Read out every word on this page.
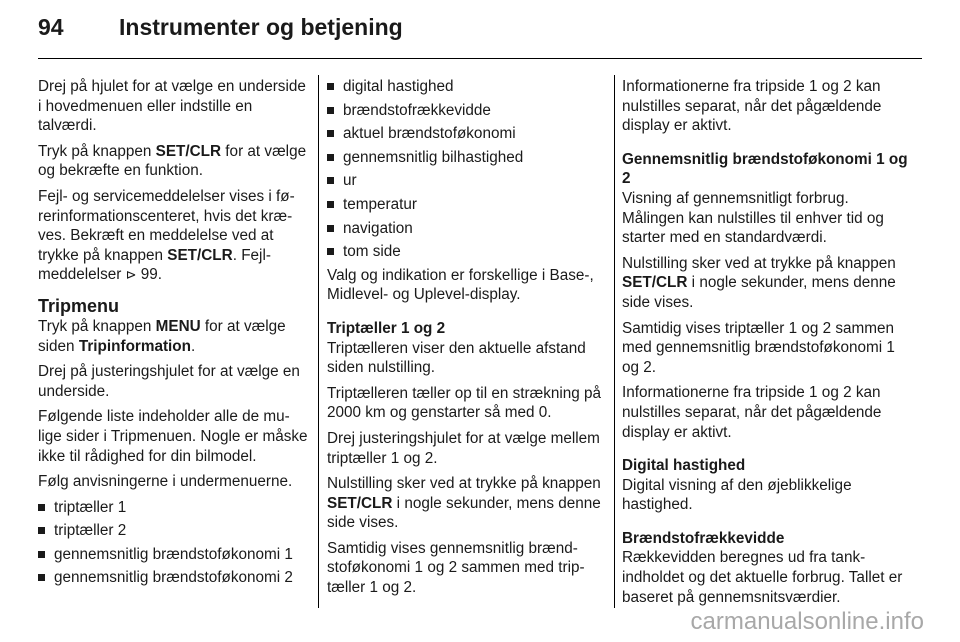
94 Instrumenter og betjening

Drej på hjulet for at vælge en underside i hovedmenuen eller indstille en talværdi.

Tryk på knappen SET/CLR for at vælge og bekræfte en funktion.

Fejl- og servicemeddelelser vises i førerinformationscenteret, hvis det kræves. Bekræft en meddelelse ved at trykke på knappen SET/CLR. Fejlmeddelelser ⊳ 99.

Tripmenu

Tryk på knappen MENU for at vælge siden Tripinformation.

Drej på justeringshjulet for at vælge en underside.

Følgende liste indeholder alle de mulige sider i Tripmenuen. Nogle er måske ikke til rådighed for din bilmodel.

Følg anvisningerne i undermenuerne.

triptæller 1
triptæller 2
gennemsnitlig brændstoføkonomi 1
gennemsnitlig brændstoføkonomi 2
digital hastighed
brændstofrækkevidde
aktuel brændstoføkonomi
gennemsnitlig bilhastighed
ur
temperatur
navigation
tom side

Valg og indikation er forskellige i Base-, Midlevel- og Uplevel-display.

Triptæller 1 og 2

Triptælleren viser den aktuelle afstand siden nulstilling.

Triptælleren tæller op til en strækning på 2000 km og genstarter så med 0.

Drej justeringshjulet for at vælge mellem triptæller 1 og 2.

Nulstilling sker ved at trykke på knappen SET/CLR i nogle sekunder, mens denne side vises.

Samtidig vises gennemsnitlig brændstoføkonomi 1 og 2 sammen med triptæller 1 og 2.

Informationerne fra tripside 1 og 2 kan nulstilles separat, når det pågældende display er aktivt.

Gennemsnitlig brændstoføkonomi 1 og 2

Visning af gennemsnitligt forbrug. Målingen kan nulstilles til enhver tid og starter med en standardværdi.

Nulstilling sker ved at trykke på knappen SET/CLR i nogle sekunder, mens denne side vises.

Samtidig vises triptæller 1 og 2 sammen med gennemsnitlig brændstoføkonomi 1 og 2.

Informationerne fra tripside 1 og 2 kan nulstilles separat, når det pågældende display er aktivt.

Digital hastighed

Digital visning af den øjeblikkelige hastighed.

Brændstofrækkevidde

Rækkevidden beregnes ud fra tankindholdet og det aktuelle forbrug. Tallet er baseret på gennemsnitsværdier.

carmanualsonline.info
